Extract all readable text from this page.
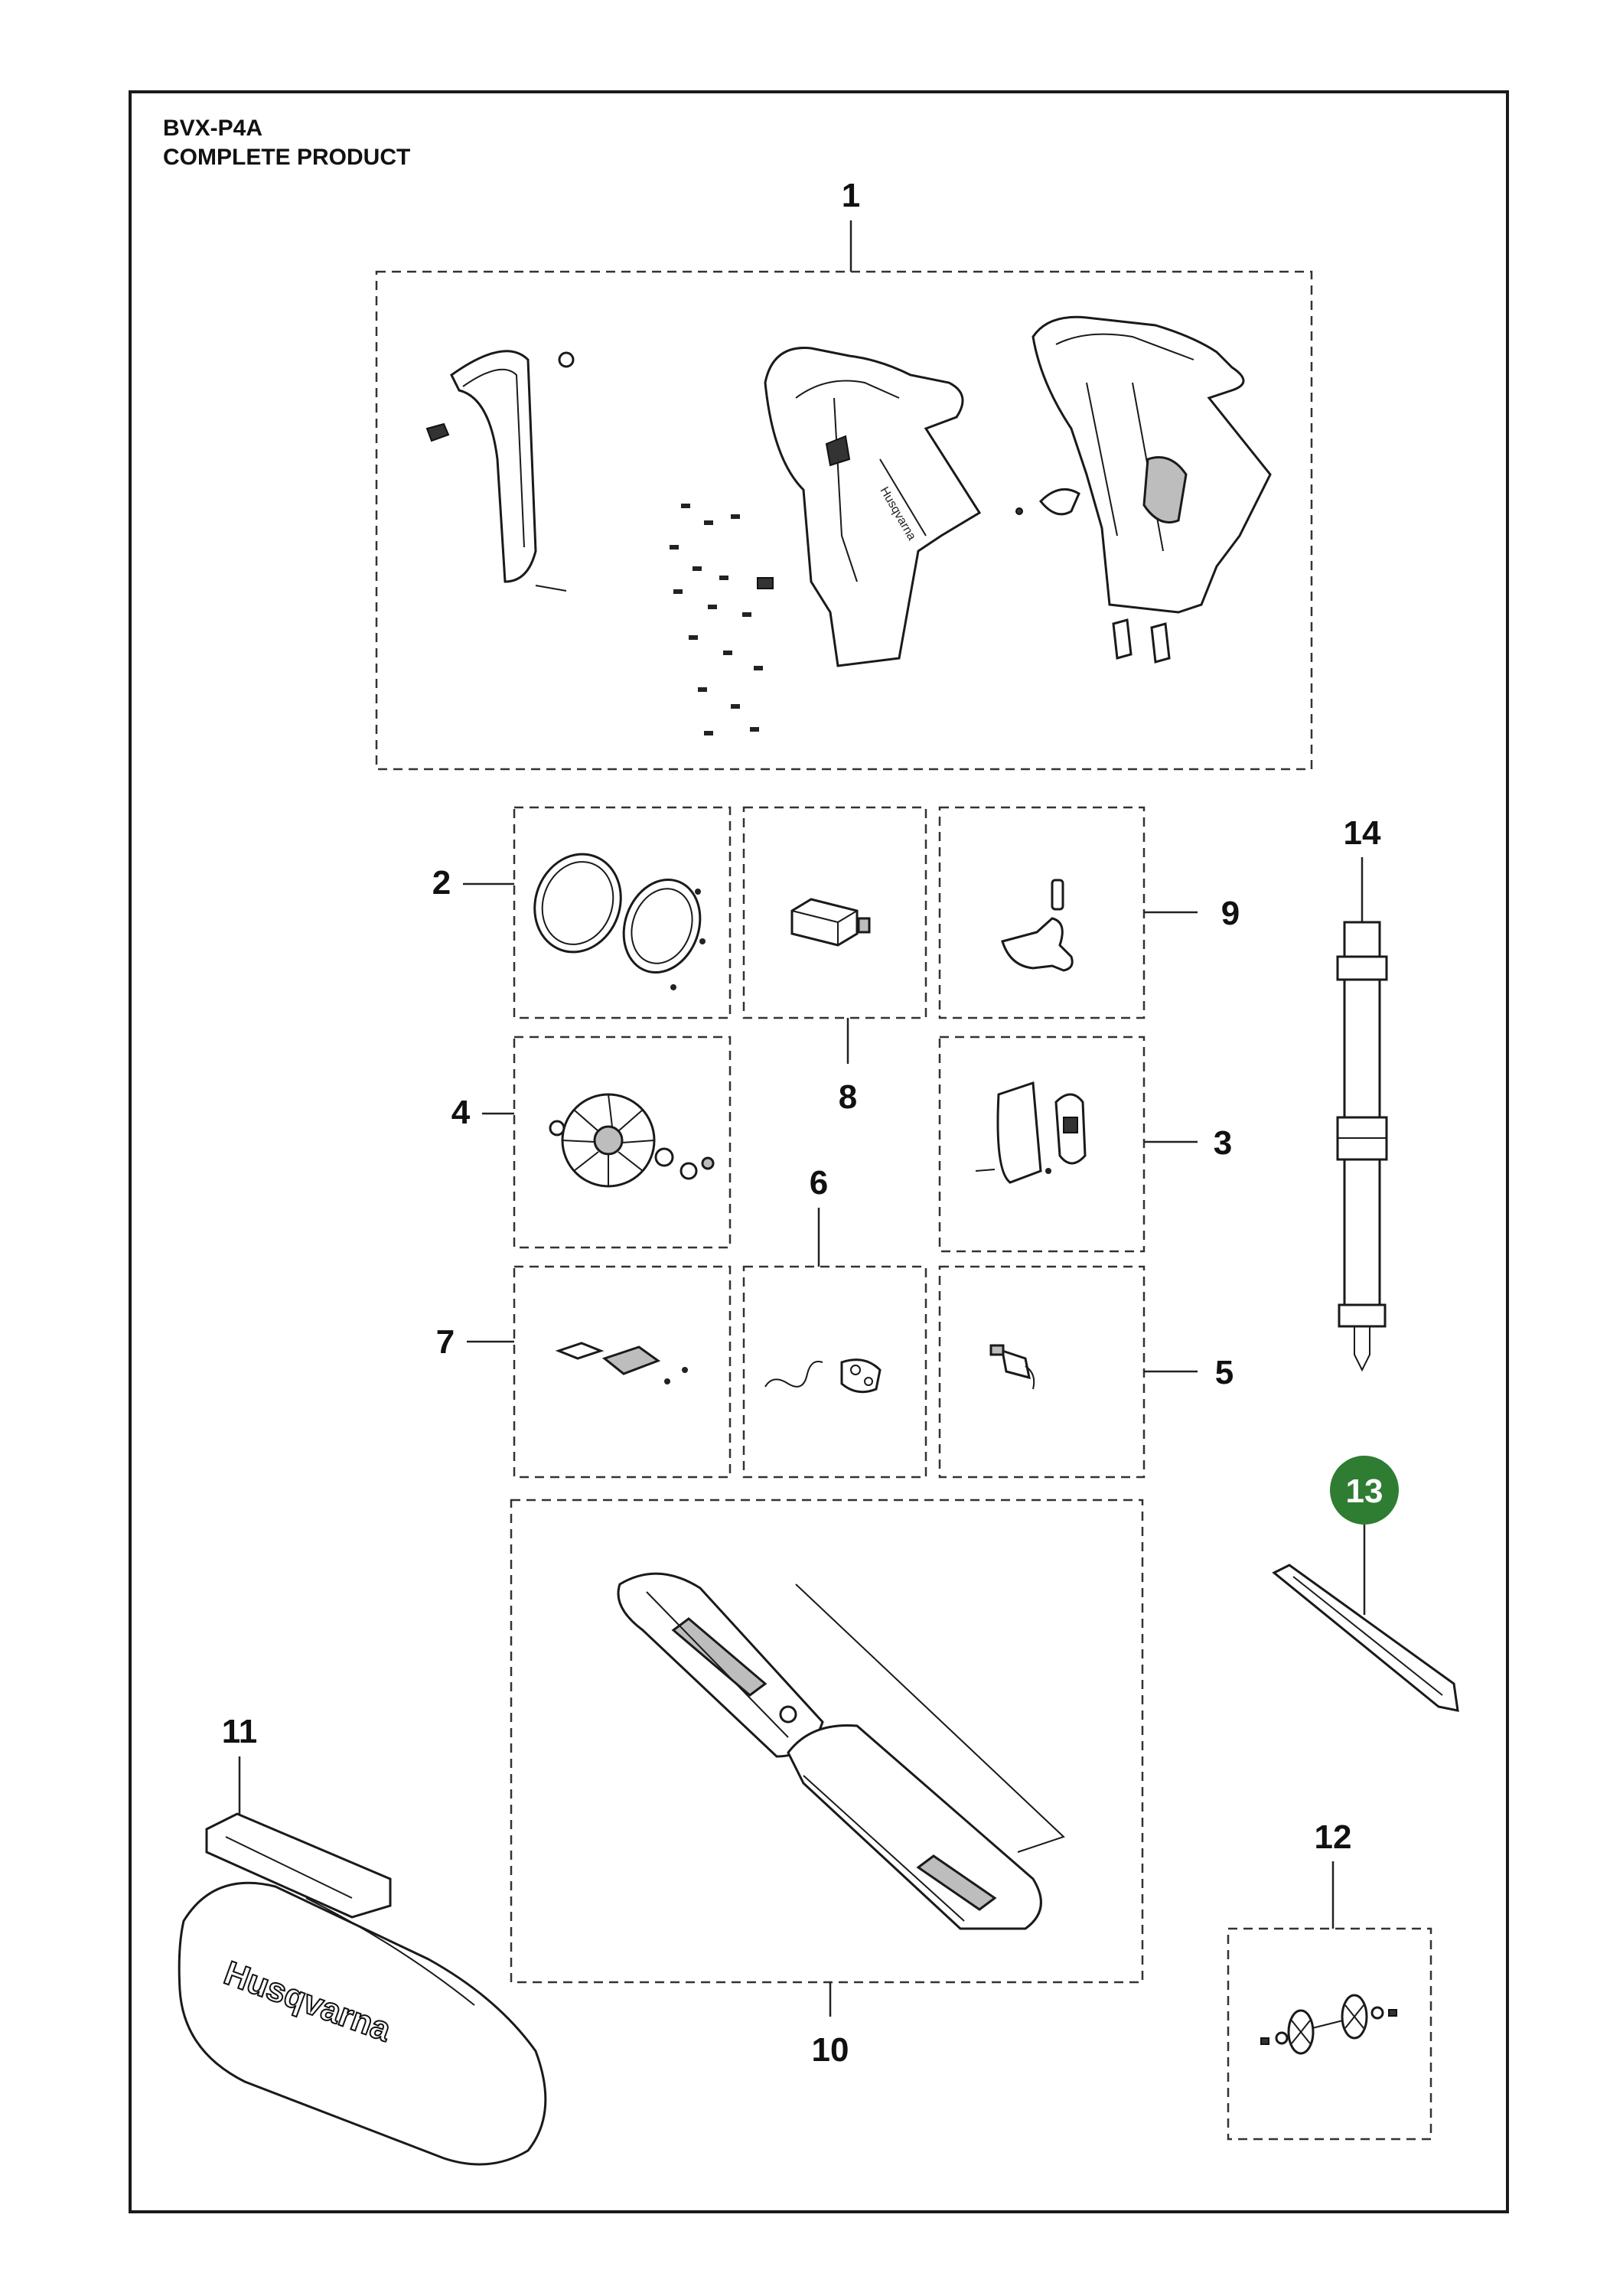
BVX-P4A
COMPLETE PRODUCT
1
Husqvarna
2
8
9
4
3
6
7
5
14
13
10
11
Husqvarna
12
